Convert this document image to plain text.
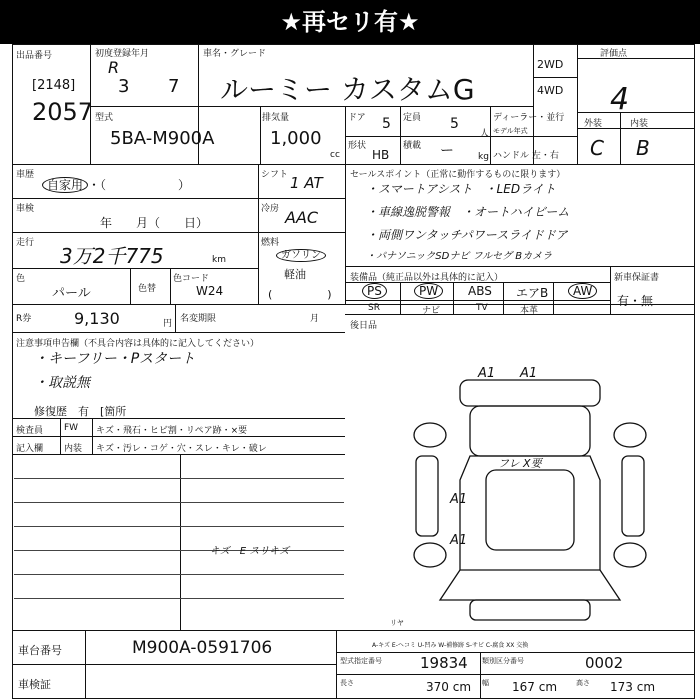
★再セリ有★
出品番号
[2148]
2057
初度登録年月
R
3 7
車名・グレード
ルーミー カスタムG
2WD
4WD
評価点
4
型式
5BA-M900A
排気量
1,000
cc
ドア 5 定員 5
人
ディーラー・並行
モデル年式
形状
HB
積載 ー	kg ハンドル 左・右
外装	内装
C B
車歴
自家用 ・（　　　　　　）
シフト 1 AT
車検
年　　月（　　日）
冷房 AAC
走行
3万2千775	km
燃料
ガソリン
軽油
(　　　　　)
色
パール	色替
色コード
W24
R券	9,130	円 名変期限	月
注意事項申告欄（不具合内容は具体的に記入してください）
・キーフリー・Pスタート
・取説無
修復歴　有　[箇所
検査員 FW キズ・飛石・ヒビ割・リペア跡・×要
記入欄 内装 キズ・汚レ・コゲ・穴・スレ・キレ・破レ
キズ　E スリキズ
セールスポイント（正常に動作するものに限ります）
・スマートアシスト　・LEDライト
・車線逸脱警報　・オートハイビーム
・両側ワンタッチパワースライドドア
・パナソニックSDナビ フルセグ Bカメラ
装備品（純正品以外は具体的に記入）	新車保証書
有・無
PS	PW	ABS エアB	AW
SR	ナビ	TV	本革
後日品
A1 A1
フレ X要
A1
A1
リヤ
車台番号	M900A-0591706
車検証
A-キズ E-ヘコミ U-凹み W-補修跡 S-サビ C-腐食 XX 交換
型式指定番号	19834 類別区分番号	0002
長さ	370 cm 幅 167 cm	高さ 173 cm
